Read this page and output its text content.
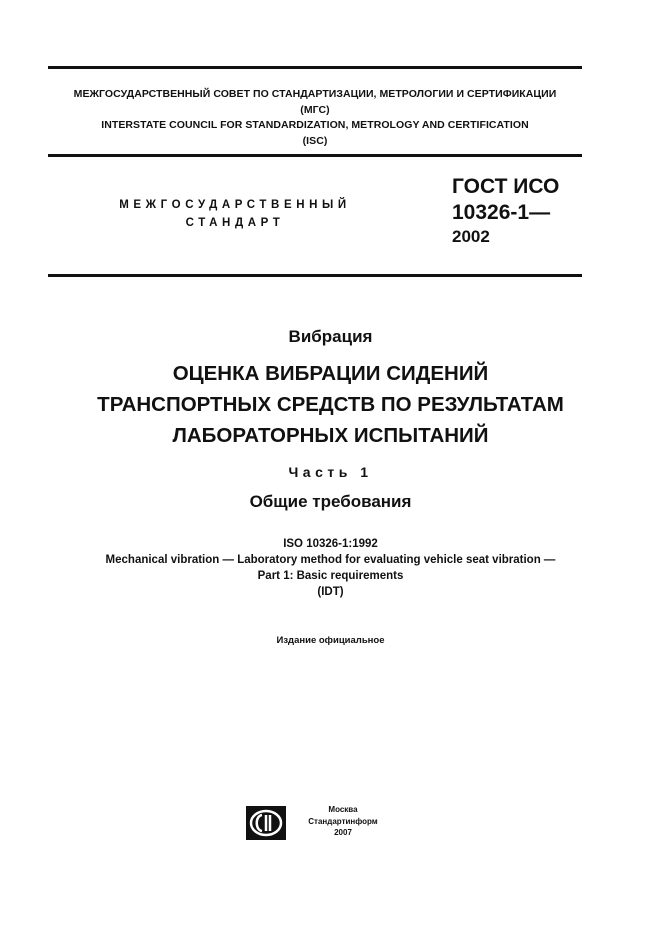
МЕЖГОСУДАРСТВЕННЫЙ СОВЕТ ПО СТАНДАРТИЗАЦИИ, МЕТРОЛОГИИ И СЕРТИФИКАЦИИ
(МГС)
INTERSTATE COUNCIL FOR STANDARDIZATION, METROLOGY AND CERTIFICATION
(ISC)
МЕЖГОСУДАРСТВЕННЫЙ
СТАНДАРТ
ГОСТ ИСО
10326-1—
2002
Вибрация
ОЦЕНКА ВИБРАЦИИ СИДЕНИЙ
ТРАНСПОРТНЫХ СРЕДСТВ ПО РЕЗУЛЬТАТАМ
ЛАБОРАТОРНЫХ ИСПЫТАНИЙ
Часть 1
Общие требования
ISO 10326-1:1992
Mechanical vibration — Laboratory method for evaluating vehicle seat vibration —
Part 1: Basic requirements
(IDT)
Издание официальное
Москва
Стандартинформ
2007
